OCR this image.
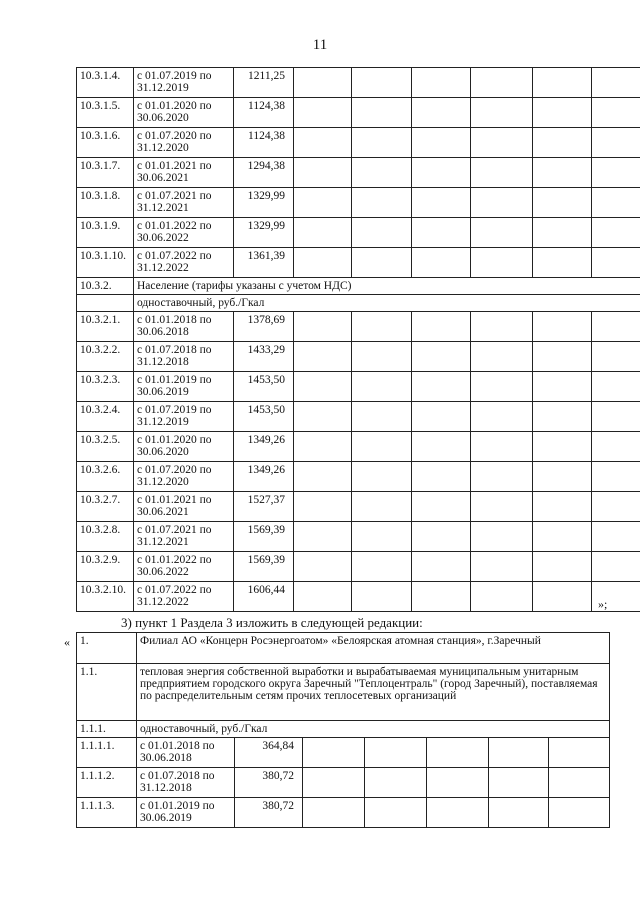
11
10.3.1.4.	с 01.07.2019 по 31.12.2019	1211,25						
10.3.1.5.	с 01.01.2020 по 30.06.2020	1124,38						
10.3.1.6.	с 01.07.2020 по 31.12.2020	1124,38						
10.3.1.7.	с 01.01.2021 по 30.06.2021	1294,38						
10.3.1.8.	с 01.07.2021 по 31.12.2021	1329,99						
10.3.1.9.	с 01.01.2022 по 30.06.2022	1329,99						
10.3.1.10.	с 01.07.2022 по 31.12.2022	1361,39						
10.3.2.	Население (тарифы указаны с учетом НДС)							
	одноставочный, руб./Гкал							
10.3.2.1.	с 01.01.2018 по 30.06.2018	1378,69						
10.3.2.2.	с 01.07.2018 по 31.12.2018	1433,29						
10.3.2.3.	с 01.01.2019 по 30.06.2019	1453,50						
10.3.2.4.	с 01.07.2019 по 31.12.2019	1453,50						
10.3.2.5.	с 01.01.2020 по 30.06.2020	1349,26						
10.3.2.6.	с 01.07.2020 по 31.12.2020	1349,26						
10.3.2.7.	с 01.01.2021 по 30.06.2021	1527,37						
10.3.2.8.	с 01.07.2021 по 31.12.2021	1569,39						
10.3.2.9.	с 01.01.2022 по 30.06.2022	1569,39						
10.3.2.10.	с 01.07.2022 по 31.12.2022	1606,44						
»;
3) пункт 1 Раздела 3 изложить в следующей редакции:
« 1.	Филиал АО «Концерн Росэнергоатом» «Белоярская атомная станция», г.Заречный						
1.1.	тепловая энергия собственной выработки и вырабатываемая муниципальным унитарным предприятием городского округа Заречный "Теплоцентраль" (город Заречный), поставляемая по распределительным сетям прочих теплосетевых организаций						
1.1.1.	одноставочный, руб./Гкал						
1.1.1.1.	с 01.01.2018 по 30.06.2018	364,84					
1.1.1.2.	с 01.07.2018 по 31.12.2018	380,72					
1.1.1.3.	с 01.01.2019 по 30.06.2019	380,72					
